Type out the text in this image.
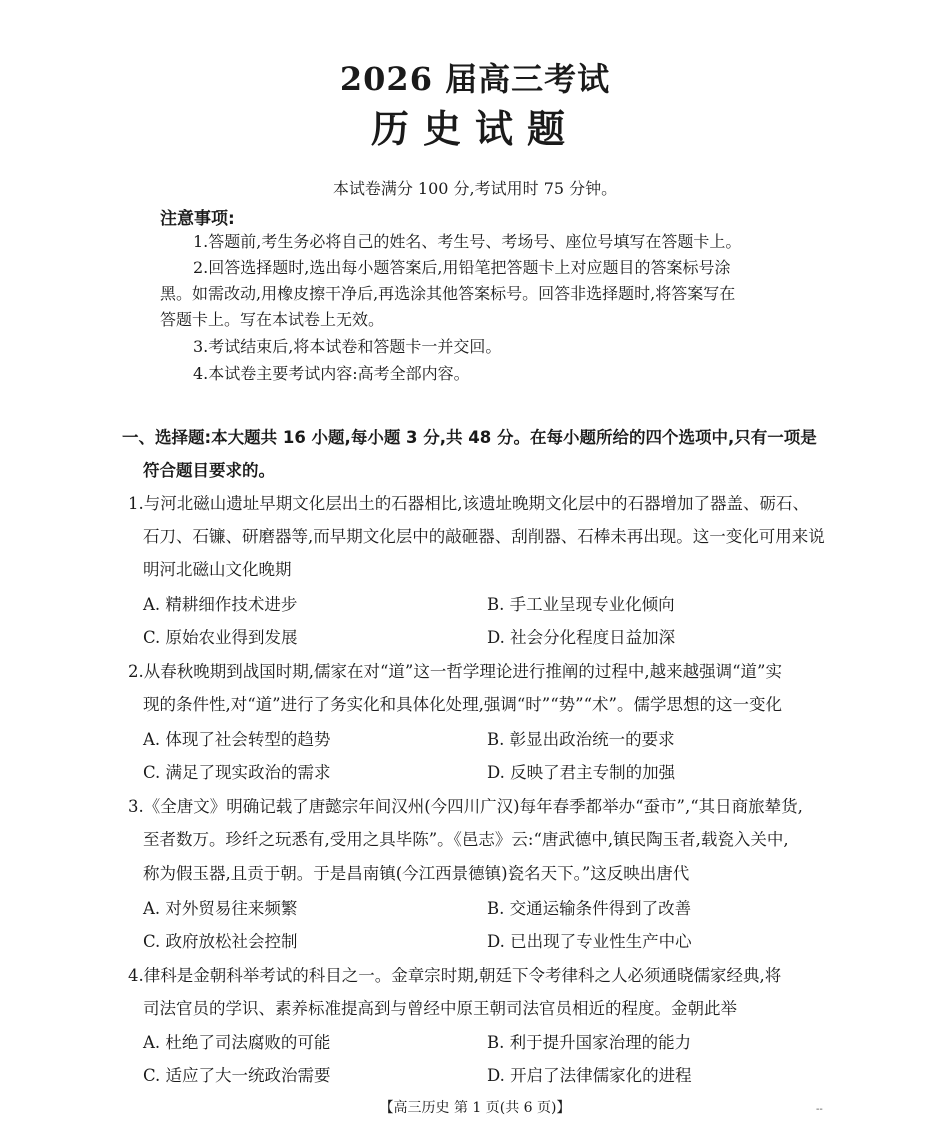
2026 届高三考试
历史试题
本试卷满分 100 分,考试用时 75 分钟。
注意事项:
1.答题前,考生务必将自己的姓名、考生号、考场号、座位号填写在答题卡上。
2.回答选择题时,选出每小题答案后,用铅笔把答题卡上对应题目的答案标号涂
黑。如需改动,用橡皮擦干净后,再选涂其他答案标号。回答非选择题时,将答案写在
答题卡上。写在本试卷上无效。
3.考试结束后,将本试卷和答题卡一并交回。
4.本试卷主要考试内容:高考全部内容。
一、选择题:本大题共 16 小题,每小题 3 分,共 48 分。在每小题所给的四个选项中,只有一项是
符合题目要求的。
1.与河北磁山遗址早期文化层出土的石器相比,该遗址晚期文化层中的石器增加了器盖、砺石、
石刀、石镰、研磨器等,而早期文化层中的敲砸器、刮削器、石棒未再出现。这一变化可用来说
明河北磁山文化晚期
A. 精耕细作技术进步	B. 手工业呈现专业化倾向
C. 原始农业得到发展	D. 社会分化程度日益加深
2.从春秋晚期到战国时期,儒家在对“道”这一哲学理论进行推阐的过程中,越来越强调“道”实
现的条件性,对“道”进行了务实化和具体化处理,强调“时”“势”“术”。儒学思想的这一变化
A. 体现了社会转型的趋势	B. 彰显出政治统一的要求
C. 满足了现实政治的需求	D. 反映了君主专制的加强
3.《全唐文》明确记载了唐懿宗年间汉州(今四川广汉)每年春季都举办“蚕市”,“其日商旅辇货,
至者数万。珍纤之玩悉有,受用之具毕陈”。《邑志》云:“唐武德中,镇民陶玉者,载瓷入关中,
称为假玉器,且贡于朝。于是昌南镇(今江西景德镇)瓷名天下。”这反映出唐代
A. 对外贸易往来频繁	B. 交通运输条件得到了改善
C. 政府放松社会控制	D. 已出现了专业性生产中心
4.律科是金朝科举考试的科目之一。金章宗时期,朝廷下令考律科之人必须通晓儒家经典,将
司法官员的学识、素养标准提高到与曾经中原王朝司法官员相近的程度。金朝此举
A. 杜绝了司法腐败的可能	B. 利于提升国家治理的能力
C. 适应了大一统政治需要	D. 开启了法律儒家化的进程
【高三历史 第 1 页(共 6 页)】	--
